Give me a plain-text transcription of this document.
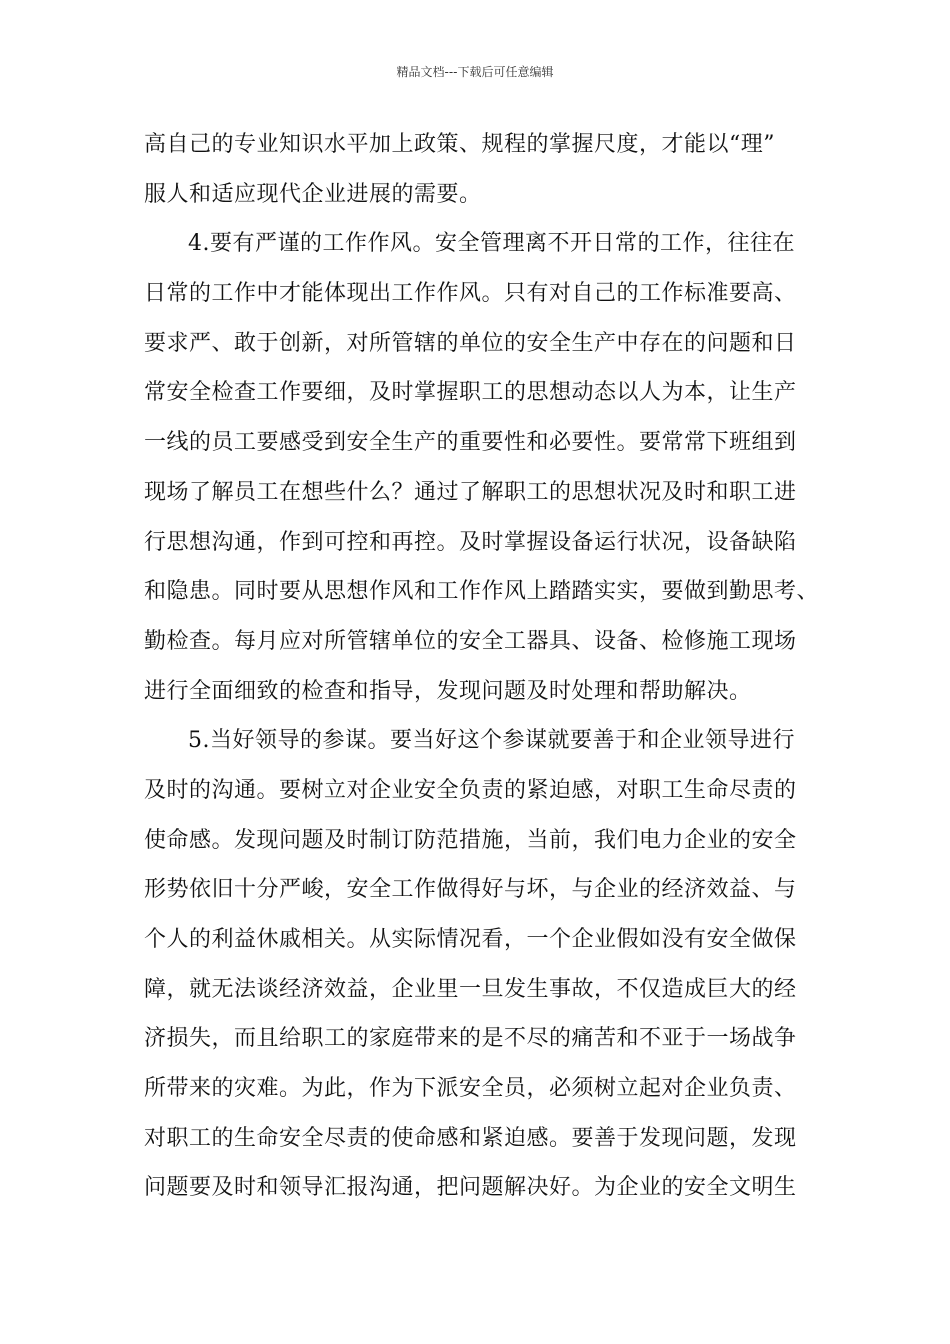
精品文档---下载后可任意编辑
高自己的专业知识水平加上政策、规程的掌握尺度，才能以“理”
服人和适应现代企业进展的需要。
4.要有严谨的工作作风。安全管理离不开日常的工作，往往在
日常的工作中才能体现出工作作风。只有对自己的工作标准要高、
要求严、敢于创新，对所管辖的单位的安全生产中存在的问题和日
常安全检查工作要细，及时掌握职工的思想动态以人为本，让生产
一线的员工要感受到安全生产的重要性和必要性。要常常下班组到
现场了解员工在想些什么？通过了解职工的思想状况及时和职工进
行思想沟通，作到可控和再控。及时掌握设备运行状况，设备缺陷
和隐患。同时要从思想作风和工作作风上踏踏实实，要做到勤思考、
勤检查。每月应对所管辖单位的安全工器具、设备、检修施工现场
进行全面细致的检查和指导，发现问题及时处理和帮助解决。
5.当好领导的参谋。要当好这个参谋就要善于和企业领导进行
及时的沟通。要树立对企业安全负责的紧迫感，对职工生命尽责的
使命感。发现问题及时制订防范措施，当前，我们电力企业的安全
形势依旧十分严峻，安全工作做得好与坏，与企业的经济效益、与
个人的利益休戚相关。从实际情况看，一个企业假如没有安全做保
障，就无法谈经济效益，企业里一旦发生事故，不仅造成巨大的经
济损失，而且给职工的家庭带来的是不尽的痛苦和不亚于一场战争
所带来的灾难。为此，作为下派安全员，必须树立起对企业负责、
对职工的生命安全尽责的使命感和紧迫感。要善于发现问题，发现
问题要及时和领导汇报沟通，把问题解决好。为企业的安全文明生
